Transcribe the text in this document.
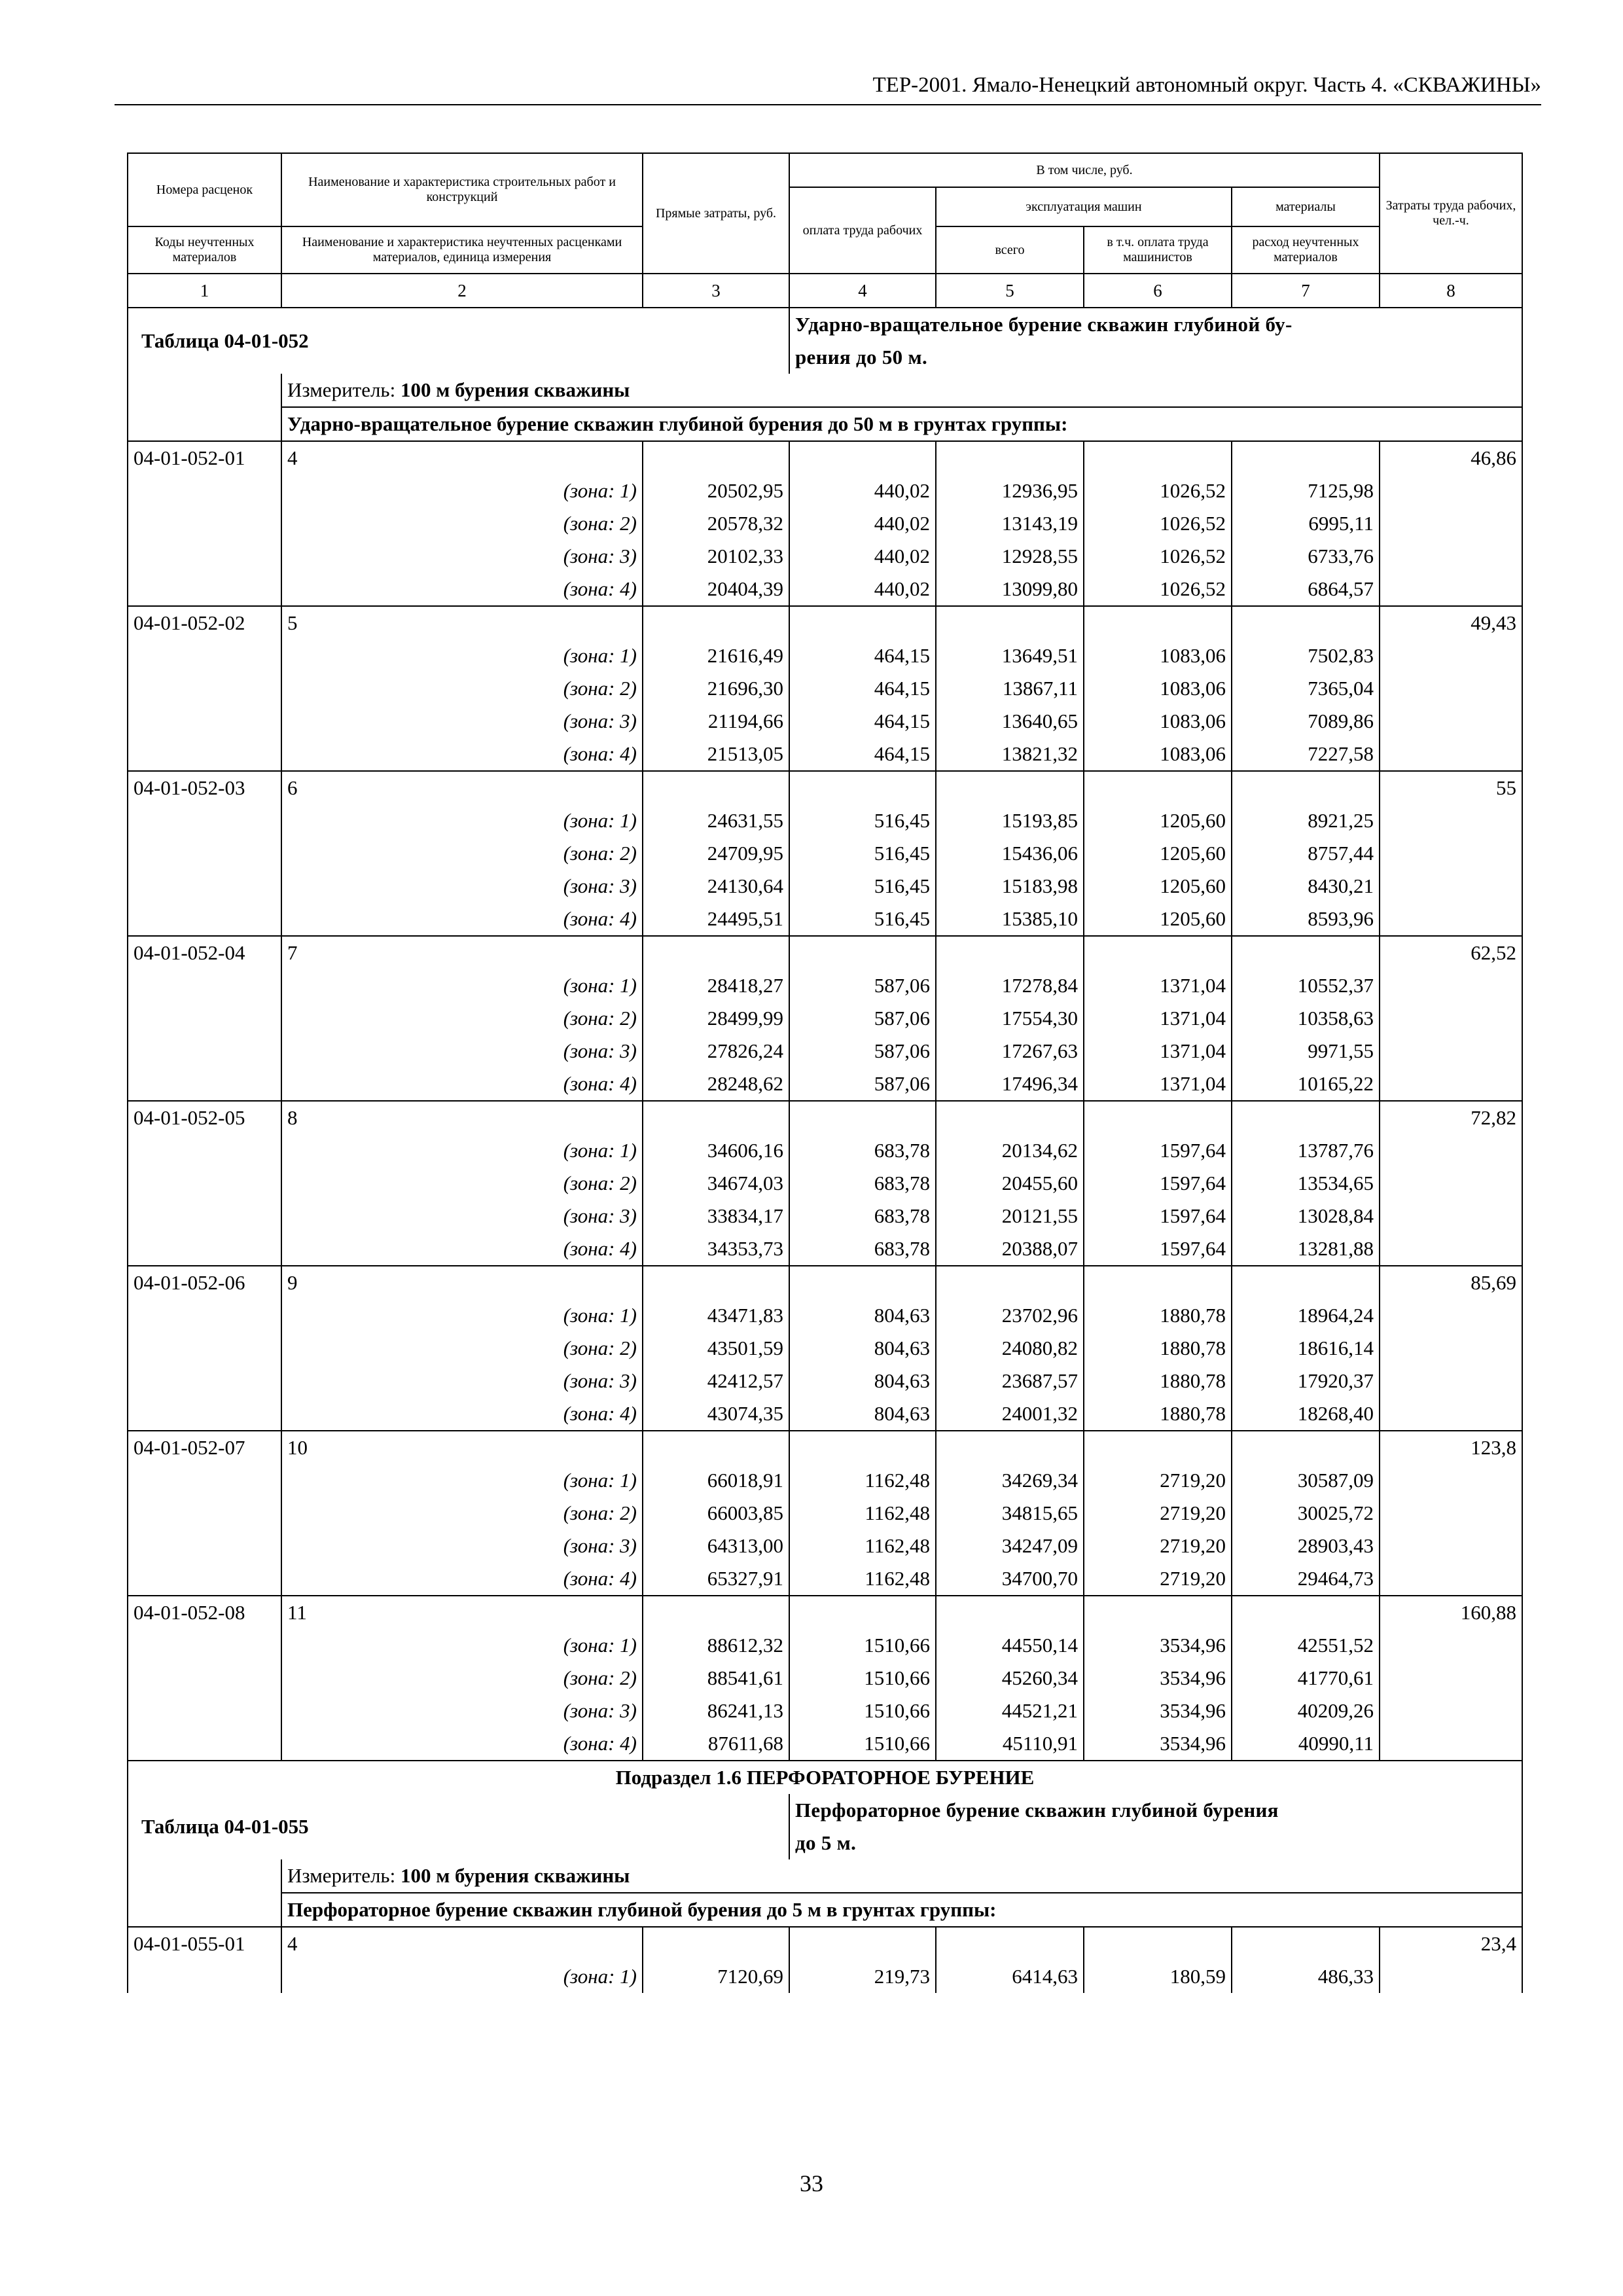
ТЕР-2001. Ямало-Ненецкий автономный округ. Часть 4. «СКВАЖИНЫ»
Номера расценок	Наименование и характеристика строительных работ и конструкций	Прямые затраты, руб.	В том числе, руб.				Затраты труда рабочих, чел.-ч.
			оплата труда рабочих	эксплуатация машин		материалы	
Коды неучтенных материалов	Наименование и характеристика неучтенных расценками материалов, единица измерения			всего	в т.ч. оплата труда машинистов	расход неучтенных материалов	
1	2	3	4	5	6	7	8
Таблица 04-01-052			Ударно-вращательное бурение скважин глубиной бу-
рения до 50 м.				
	Измеритель: 100 м бурения скважины						
	Ударно-вращательное бурение скважин глубиной бурения до 50 м в грунтах группы:						
04-01-052-01	4						46,86
	(зона: 1)	20502,95	440,02	12936,95	1026,52	7125,98	
	(зона: 2)	20578,32	440,02	13143,19	1026,52	6995,11	
	(зона: 3)	20102,33	440,02	12928,55	1026,52	6733,76	
	(зона: 4)	20404,39	440,02	13099,80	1026,52	6864,57	
04-01-052-02	5						49,43
	(зона: 1)	21616,49	464,15	13649,51	1083,06	7502,83	
	(зона: 2)	21696,30	464,15	13867,11	1083,06	7365,04	
	(зона: 3)	21194,66	464,15	13640,65	1083,06	7089,86	
	(зона: 4)	21513,05	464,15	13821,32	1083,06	7227,58	
04-01-052-03	6						55
	(зона: 1)	24631,55	516,45	15193,85	1205,60	8921,25	
	(зона: 2)	24709,95	516,45	15436,06	1205,60	8757,44	
	(зона: 3)	24130,64	516,45	15183,98	1205,60	8430,21	
	(зона: 4)	24495,51	516,45	15385,10	1205,60	8593,96	
04-01-052-04	7						62,52
	(зона: 1)	28418,27	587,06	17278,84	1371,04	10552,37	
	(зона: 2)	28499,99	587,06	17554,30	1371,04	10358,63	
	(зона: 3)	27826,24	587,06	17267,63	1371,04	9971,55	
	(зона: 4)	28248,62	587,06	17496,34	1371,04	10165,22	
04-01-052-05	8						72,82
	(зона: 1)	34606,16	683,78	20134,62	1597,64	13787,76	
	(зона: 2)	34674,03	683,78	20455,60	1597,64	13534,65	
	(зона: 3)	33834,17	683,78	20121,55	1597,64	13028,84	
	(зона: 4)	34353,73	683,78	20388,07	1597,64	13281,88	
04-01-052-06	9						85,69
	(зона: 1)	43471,83	804,63	23702,96	1880,78	18964,24	
	(зона: 2)	43501,59	804,63	24080,82	1880,78	18616,14	
	(зона: 3)	42412,57	804,63	23687,57	1880,78	17920,37	
	(зона: 4)	43074,35	804,63	24001,32	1880,78	18268,40	
04-01-052-07	10						123,8
	(зона: 1)	66018,91	1162,48	34269,34	2719,20	30587,09	
	(зона: 2)	66003,85	1162,48	34815,65	2719,20	30025,72	
	(зона: 3)	64313,00	1162,48	34247,09	2719,20	28903,43	
	(зона: 4)	65327,91	1162,48	34700,70	2719,20	29464,73	
04-01-052-08	11						160,88
	(зона: 1)	88612,32	1510,66	44550,14	3534,96	42551,52	
	(зона: 2)	88541,61	1510,66	45260,34	3534,96	41770,61	
	(зона: 3)	86241,13	1510,66	44521,21	3534,96	40209,26	
	(зона: 4)	87611,68	1510,66	45110,91	3534,96	40990,11	
Подраздел 1.6 ПЕРФОРАТОРНОЕ БУРЕНИЕ							
Таблица 04-01-055			Перфораторное бурение скважин глубиной бурения
до 5 м.				
	Измеритель: 100 м бурения скважины						
	Перфораторное бурение скважин глубиной бурения до 5 м в грунтах группы:						
04-01-055-01	4						23,4
	(зона: 1)	7120,69	219,73	6414,63	180,59	486,33	
33
